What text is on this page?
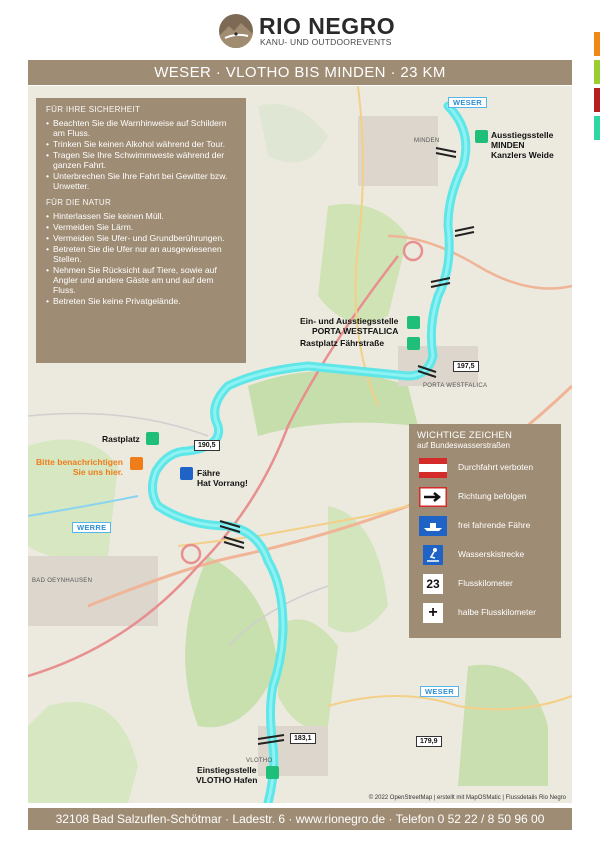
RIO NEGRO
KANU- UND OUTDOOREVENTS
WESER · VLOTHO BIS MINDEN · 23 KM
FÜR IHRE SICHERHEIT
• Beachten Sie die Warnhinweise auf Schildern am Fluss.
• Trinken Sie keinen Alkohol während der Tour.
• Tragen Sie Ihre Schwimmweste während der ganzen Fahrt.
• Unterbrechen Sie Ihre Fahrt bei Gewitter bzw. Unwetter.
FÜR DIE NATUR
• Hinterlassen Sie keinen Müll.
• Vermeiden Sie Lärm.
• Vermeiden Sie Ufer- und Grundberührungen.
• Betreten Sie die Ufer nur an ausgewiesenen Stellen.
• Nehmen Sie Rücksicht auf Tiere, sowie auf Angler und andere Gäste am und auf dem Fluss.
• Betreten Sie keine Privatgelände.
WICHTIGE ZEICHEN
auf Bundeswasserstraßen
Durchfahrt verboten
Richtung befolgen
frei fahrende Fähre
Wasserskistrecke
23	Flusskilometer
+	halbe Flusskilometer
WESER
WESER
WERRE
MINDEN
PORTA WESTFALICA
BAD OEYNHAUSEN
VLOTHO
Ausstiegsstelle
MINDEN
Kanzlers Weide
Ein- und Ausstiegsstelle
PORTA WESTFALICA
Rastplatz Fährstraße
Rastplatz
Bitte benachrichtigen
Sie uns hier.	Fähre
Hat Vorrang!
Einstiegsstelle
VLOTHO Hafen
197,5
190,5
183,1	179,9
© 2022 OpenStreetMap | erstellt mit MapOSMatic | Flussdetails Rio Negro
32108 Bad Salzuflen-Schötmar · Ladestr. 6 · www.rionegro.de · Telefon 0 52 22 / 8 50 96 00
